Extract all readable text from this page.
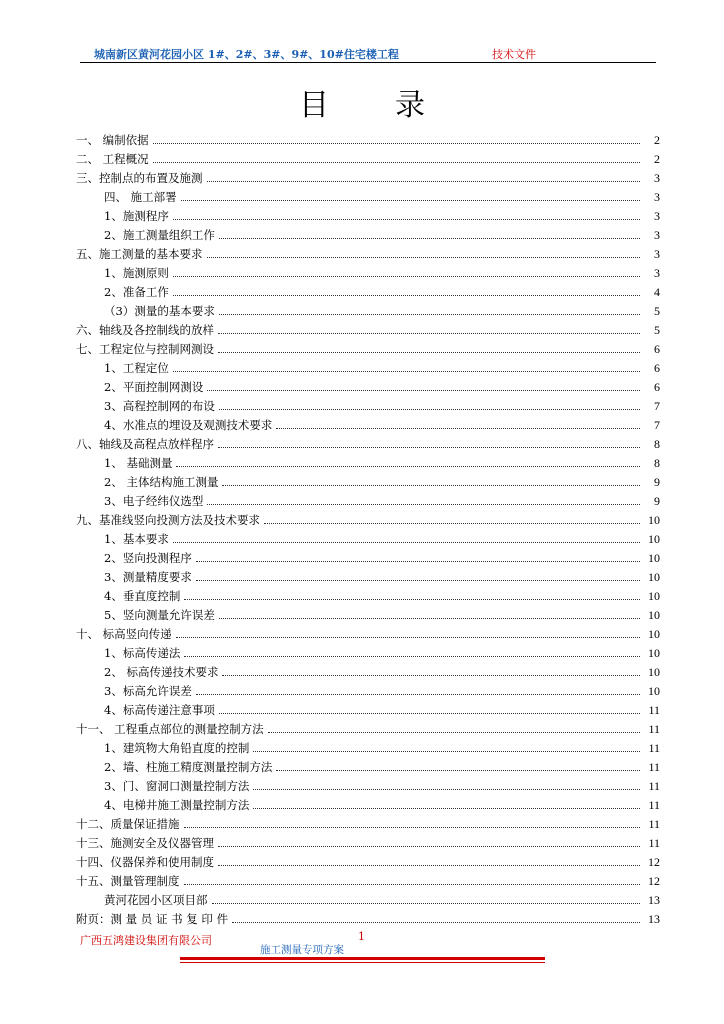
城南新区黄河花园小区 1#、2#、3#、9#、10#住宅楼工程	技术文件
目录
一、 编制依据	2
二、 工程概况	2
三、控制点的布置及施测	3
四、 施工部署	3
1、施测程序	3
2、施工测量组织工作	3
五、施工测量的基本要求	3
1、施测原则	3
2、准备工作	4
（3）测量的基本要求	5
六、轴线及各控制线的放样	5
七、工程定位与控制网测设	6
1、工程定位	6
2、平面控制网测设	6
3、高程控制网的布设	7
4、水准点的埋设及观测技术要求	7
八、轴线及高程点放样程序	8
1、 基础测量	8
2、 主体结构施工测量	9
3、电子经纬仪选型	9
九、基准线竖向投测方法及技术要求	10
1、基本要求	10
2、竖向投测程序	10
3、测量精度要求	10
4、垂直度控制	10
5、竖向测量允许误差	10
十、 标高竖向传递	10
1、标高传递法	10
2、 标高传递技术要求	10
3、标高允许误差	10
4、标高传递注意事项	11
十一、 工程重点部位的测量控制方法	11
1、建筑物大角铅直度的控制	11
2、墙、柱施工精度测量控制方法	11
3、门、窗洞口测量控制方法	11
4、电梯井施工测量控制方法	11
十二、质量保证措施	11
十三、施测安全及仪器管理	11
十四、仪器保养和使用制度	12
十五、测量管理制度	12
黄河花园小区项目部	13
附页：测 量 员 证 书 复 印 件	13
广西五鸿建设集团有限公司	1
施工测量专项方案
